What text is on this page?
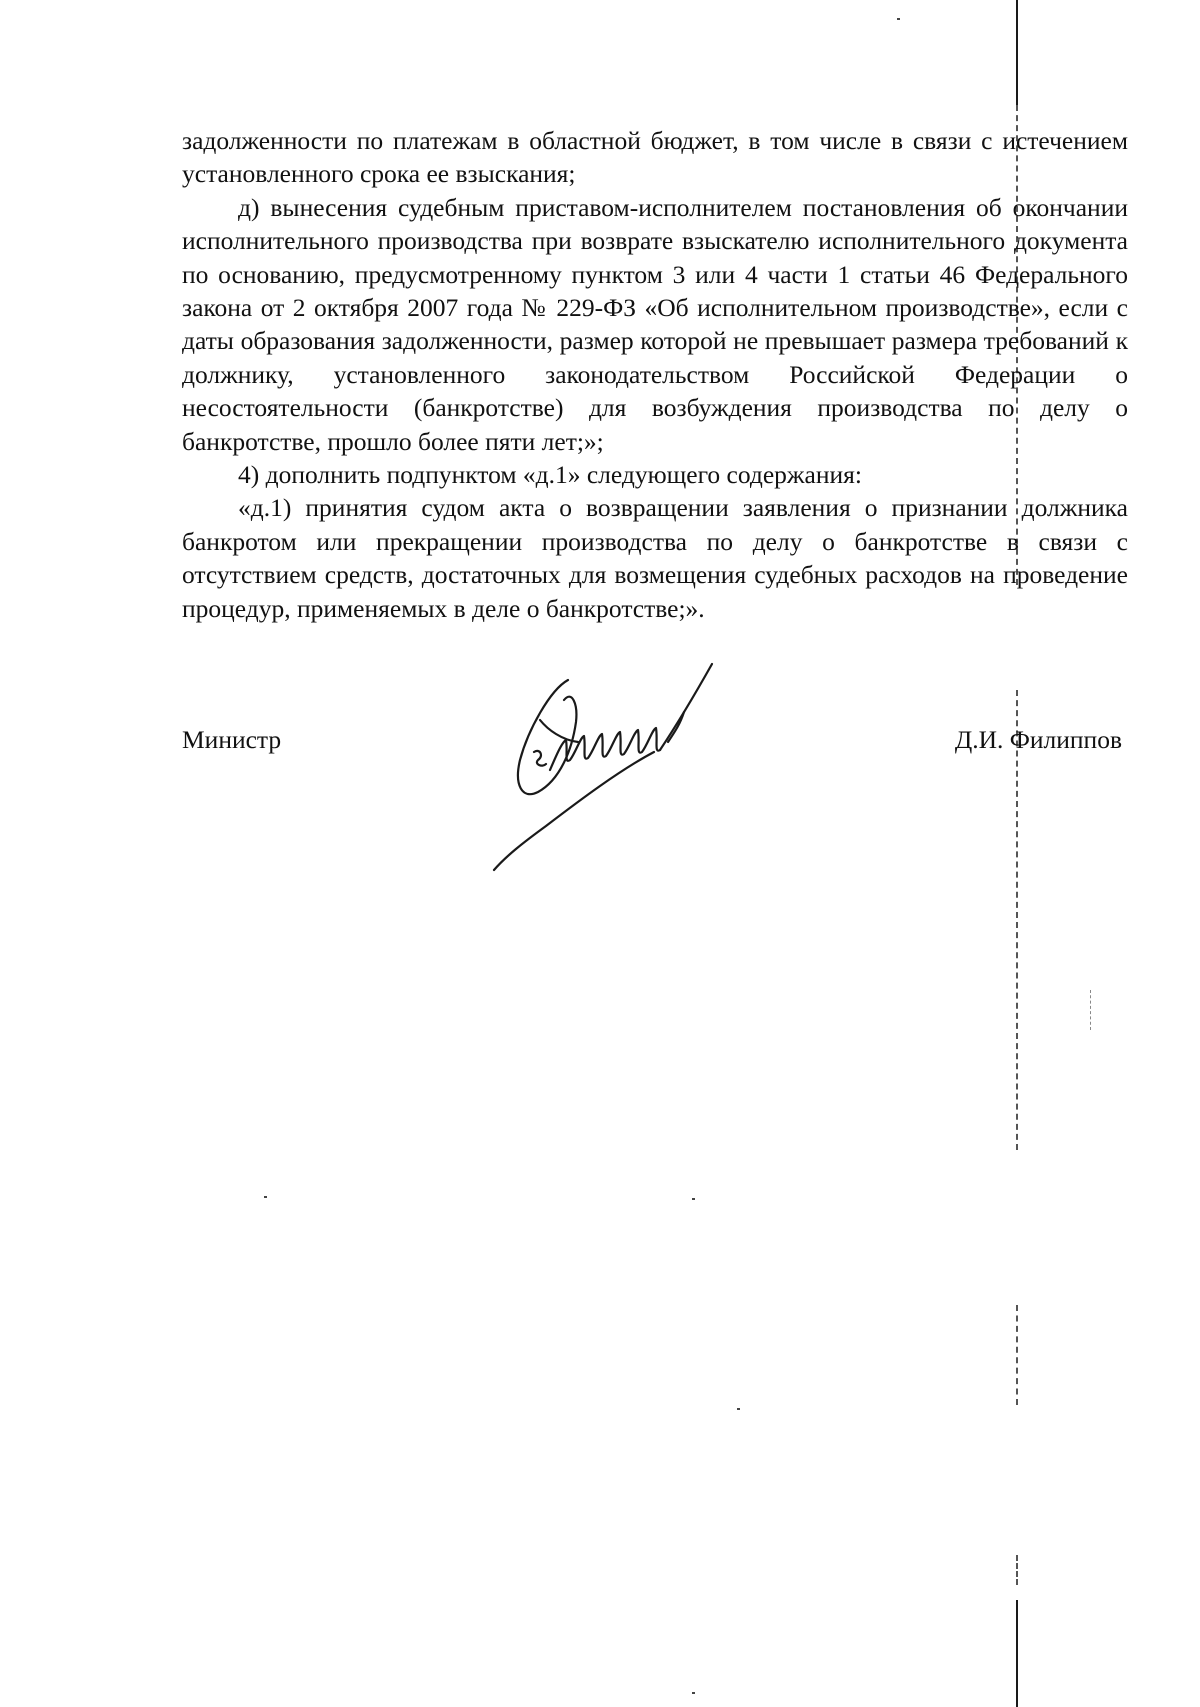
задолженности по платежам в областной бюджет, в том числе в связи с истечением установленного срока ее взыскания;

д) вынесения судебным приставом-исполнителем постановления об окончании исполнительного производства при возврате взыскателю исполнительного документа по основанию, предусмотренному пунктом 3 или 4 части 1 статьи 46 Федерального закона от 2 октября 2007 года № 229-ФЗ «Об исполнительном производстве», если с даты образования задолженности, размер которой не превышает размера требований к должнику, установленного законодательством Российской Федерации о несостоятельности (банкротстве) для возбуждения производства по делу о банкротстве, прошло более пяти лет;»;

4) дополнить подпунктом «д.1» следующего содержания:

«д.1) принятия судом акта о возвращении заявления о признании должника банкротом или прекращении производства по делу о банкротстве в связи с отсутствием средств, достаточных для возмещения судебных расходов на проведение процедур, применяемых в деле о банкротстве;».

Министр	Д.И. Филиппов
